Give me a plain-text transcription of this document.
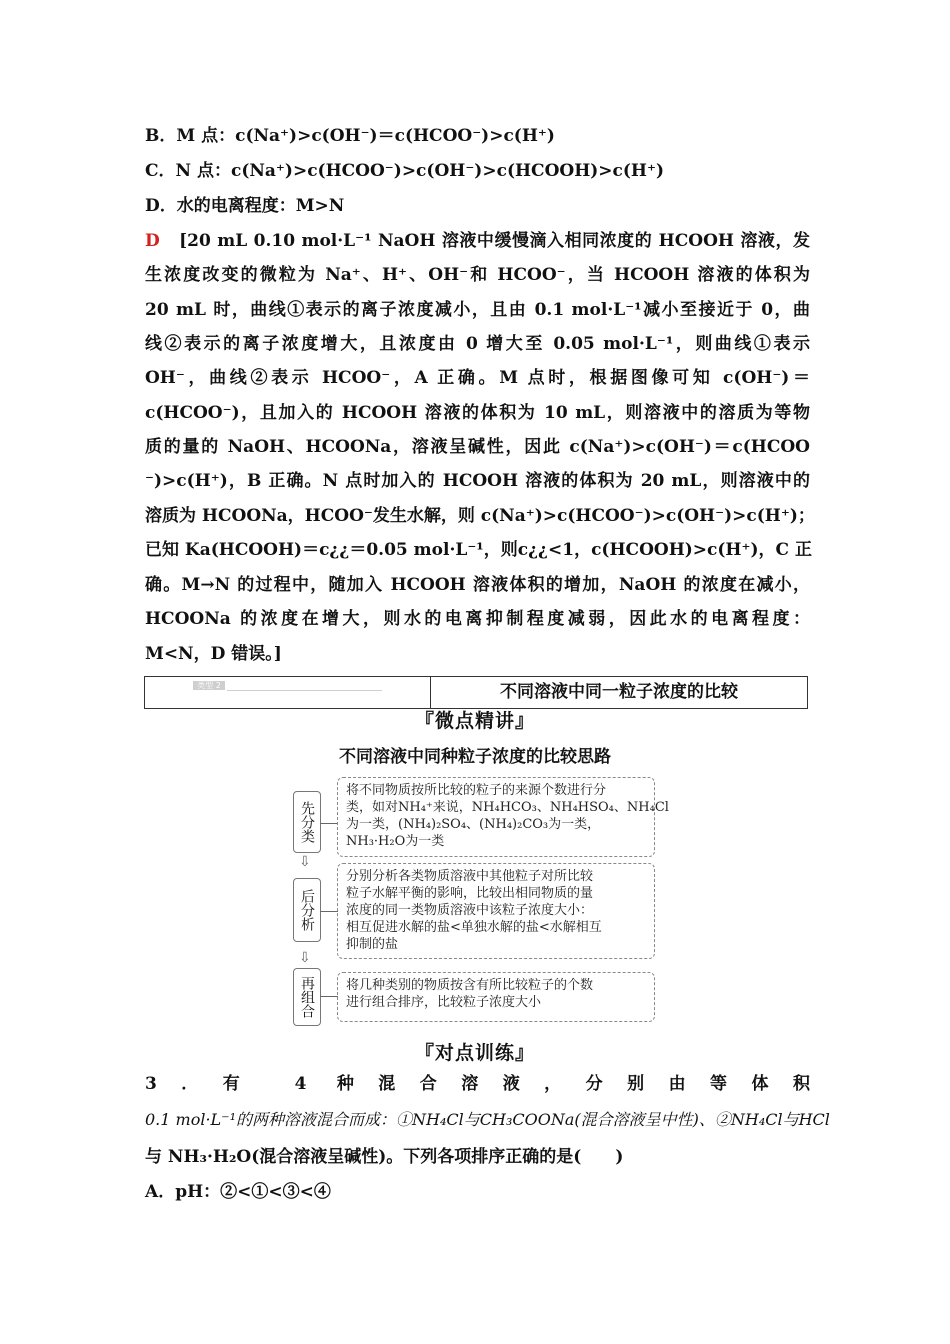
B．M 点：c(Na⁺)>c(OH⁻)＝c(HCOO⁻)>c(H⁺)
C．N 点：c(Na⁺)>c(HCOO⁻)>c(OH⁻)>c(HCOOH)>c(H⁺)
D．水的电离程度：M>N
D [20 mL 0.10 mol·L⁻¹ NaOH 溶液中缓慢滴入相同浓度的 HCOOH 溶液，发
生浓度改变的微粒为 Na⁺、H⁺、OH⁻和 HCOO⁻，当 HCOOH 溶液的体积为
20 mL 时，曲线①表示的离子浓度减小，且由 0.1 mol·L⁻¹减小至接近于 0，曲
线②表示的离子浓度增大，且浓度由 0 增大至 0.05 mol·L⁻¹，则曲线①表示
OH⁻，曲线②表示 HCOO⁻，A 正确。M 点时，根据图像可知 c(OH⁻)＝
c(HCOO⁻)，且加入的 HCOOH 溶液的体积为 10 mL，则溶液中的溶质为等物
质的量的 NaOH、HCOONa，溶液呈碱性，因此 c(Na⁺)>c(OH⁻)＝c(HCOO
⁻)>c(H⁺)，B 正确。N 点时加入的 HCOOH 溶液的体积为 20 mL，则溶液中的
溶质为 HCOONa，HCOO⁻发生水解，则 c(Na⁺)>c(HCOO⁻)>c(OH⁻)>c(H⁺)；
已知 Ka(HCOOH)＝c¿¿＝0.05 mol·L⁻¹，则c¿¿<1，c(HCOOH)>c(H⁺)，C 正
确。M→N 的过程中，随加入 HCOOH 溶液体积的增加，NaOH 的浓度在减小，
HCOONa 的浓度在增大，则水的电离抑制程度减弱，因此水的电离程度：
M<N，D 错误。]
类型 2	不同溶液中同一粒子浓度的比较
『微点精讲』
不同溶液中同种粒子浓度的比较思路
先分类
将不同物质按所比较的粒子的来源个数进行分
类，如对NH₄⁺来说，NH₄HCO₃、NH₄HSO₄、NH₄Cl
为一类，(NH₄)₂SO₄、(NH₄)₂CO₃为一类，
NH₃·H₂O为一类
⇩
后分析
分别分析各类物质溶液中其他粒子对所比较
粒子水解平衡的影响，比较出相同物质的量
浓度的同一类物质溶液中该粒子浓度大小：
相互促进水解的盐<单独水解的盐<水解相互
抑制的盐
⇩
再组合 将几种类别的物质按含有所比较粒子的个数
进行组合排序，比较粒子浓度大小
『对点训练』
3．有 4 种混合溶液，分别由等体积
0.1 mol·L⁻¹的两种溶液混合而成：①NH₄Cl与CH₃COONa(混合溶液呈中性)、②NH₄Cl与HCl
与 NH₃·H₂O(混合溶液呈碱性)。下列各项排序正确的是(　　)
A．pH：②<①<③<④
